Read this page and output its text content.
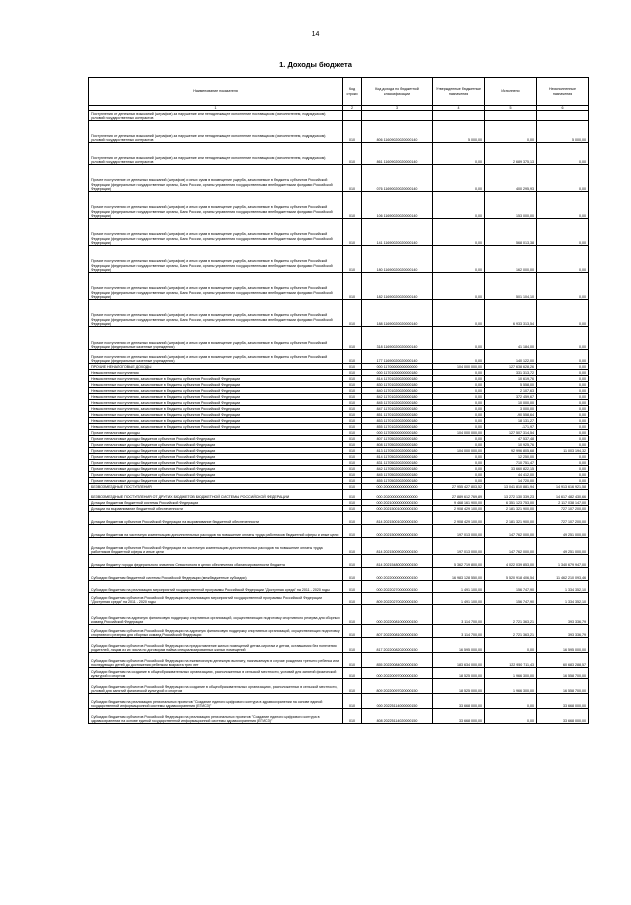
14
1. Доходы бюджета
Наименование показателя	Код строки	Код дохода по бюджетной классификации	Утвержденные бюджетные назначения	Исполнено	Неисполненные назначения
1	2	3	4	5	6
Поступления от денежных взысканий (штрафов) за нарушение или ненадлежащее исполнение поставщиком (исполнителем, подрядчиком) условий государственных контрактов					
Поступления от денежных взысканий (штрафов) за нарушение или ненадлежащее исполнение поставщиком (исполнителем, подрядчиком) условий государственных контрактов	010	806 11609020020000140	5 000,00	0,00	5 000,00
Поступления от денежных взысканий (штрафов) за нарушение или ненадлежащее исполнение поставщиком (исполнителем, подрядчиком) условий государственных контрактов	010	861 11609020020000140	0,00	2 689 375,13	0,00
Прочее поступление от денежных взысканий (штрафов) и иных сумм в возмещение ущерба, зачисляемые в бюджеты субъектов Российской Федерации (федеральные государственные органы, Банк России, органы управления государственными внебюджетными фондами Российской Федерации)	010	076 11690020020000140	0,00	400 295,93	0,00
Прочие поступления от денежных взысканий (штрафов) и иных сумм в возмещение ущерба, зачисляемые в бюджеты субъектов Российской Федерации (федеральные государственные органы, Банк России, органы управления государственными внебюджетными фондами Российской Федерации)	010	106 11690020020000140	0,00	153 000,00	0,00
Прочие поступления от денежных взысканий (штрафов) и иных сумм в возмещение ущерба, зачисляемые в бюджеты субъектов Российской Федерации (федеральные государственные органы, Банк России, органы управления государственными внебюджетными фондами Российской Федерации)	010	141 11690020020000140	0,00	568 013,38	0,00
Прочие поступления от денежных взысканий (штрафов) и иных сумм в возмещение ущерба, зачисляемые в бюджеты субъектов Российской Федерации (федеральные государственные органы, Банк России, органы управления государственными внебюджетными фондами Российской Федерации)	010	180 11690020020000140	0,00	162 000,00	0,00
Прочие поступления от денежных взысканий (штрафов) и иных сумм в возмещение ущерба, зачисляемые в бюджеты субъектов Российской Федерации (федеральные государственные органы, Банк России, органы управления государственными внебюджетными фондами Российской Федерации)	010	182 11690020020000140	0,00	501 104,10	0,00
Прочие поступления от денежных взысканий (штрафов) и иных сумм в возмещение ущерба, зачисляемые в бюджеты субъектов Российской Федерации (федеральные государственные органы, Банк России, органы управления государственными внебюджетными фондами Российской Федерации)	010	188 11690020020000140	0,00	6 933 313,54	0,00
Прочие поступления от денежных взысканий (штрафов) и иных сумм в возмещение ущерба, зачисляемые в бюджеты субъектов Российской Федерации (федеральные казенные учреждения)	010	318 11690020020000140	0,00	41 184,00	0,00
Прочие поступления от денежных взысканий (штрафов) и иных сумм в возмещение ущерба, зачисляемые в бюджеты субъектов Российской Федерации (федеральные казенные учреждения)	010	177 11690020020000140	0,00	140 122,00	0,00
ПРОЧИЕ НЕНАЛОГОВЫЕ ДОХОДЫ	010	000 11700000000000000	104 000 000,00	127 638 628,26	0,00
Невыясненные поступления	010	000 11701000000000180	0,00	331 313,72	0,00
Невыясненные поступления, зачисляемые в бюджеты субъектов Российской Федерации	010	814 11701020020000180	0,00	10 619,76	0,00
Невыясненные поступления, зачисляемые в бюджеты субъектов Российской Федерации	010	830 11701020020000180	0,00	5 558,00	0,00
Невыясненные поступления, зачисляемые в бюджеты субъектов Российской Федерации	010	840 11701020020000180	0,00	2 107,63	0,00
Невыясненные поступления, зачисляемые в бюджеты субъектов Российской Федерации	010	842 11701020020000180	0,00	372 459,67	0,00
Невыясненные поступления, зачисляемые в бюджеты субъектов Российской Федерации	010	845 11701020020000180	0,00	10 000,00	0,00
Невыясненные поступления, зачисляемые в бюджеты субъектов Российской Федерации	010	847 11701020020000180	0,00	3 000,00	0,00
Невыясненные поступления, зачисляемые в бюджеты субъектов Российской Федерации	010	851 11701020020000180	0,00	-90 558,64	0,00
Невыясненные поступления, зачисляемые в бюджеты субъектов Российской Федерации	010	853 11701020020000180	0,00	18 131,27	0,00
Невыясненные поступления, зачисляемые в бюджеты субъектов Российской Федерации	010	855 11701020020000180	0,00	-171,97	0,00
Прочие неналоговые доходы	010	000 11705000000000180	104 000 000,00	127 507 314,54	0,00
Прочие неналоговые доходы бюджетов субъектов Российской Федерации	010	807 11705020020000180	0,00	47 537,48	0,00
Прочие неналоговые доходы бюджетов субъектов Российской Федерации	010	808 11705020020000180	0,00	10 925,76	0,00
Прочие неналоговые доходы бюджетов субъектов Российской Федерации	010	813 11705020020000180	104 000 000,00	92 996 805,68	11 003 194,32
Прочие неналоговые доходы бюджетов субъектов Российской Федерации	010	814 11705020020000180	0,00	12 250,00	0,00
Прочие неналоговые доходы бюджетов субъектов Российской Федерации	010	831 11705020020000180	0,00	710 751,47	0,00
Прочие неналоговые доходы бюджетов субъектов Российской Федерации	010	842 11705020020000180	0,00	33 660 822,15	0,00
Прочие неналоговые доходы бюджетов субъектов Российской Федерации	010	845 11705020020000180	0,00	44 412,00	0,00
Прочие неналоговые доходы бюджетов субъектов Российской Федерации	010	855 11705020020000180	0,00	14 720,00	0,00
БЕЗВОЗМЕЗДНЫЕ ПОСТУПЛЕНИЯ	010	000 20000000000000000	27 955 427 803,52	13 041 810 881,94	14 913 616 921,58
БЕЗВОЗМЕЗДНЫЕ ПОСТУПЛЕНИЯ ОТ ДРУГИХ БЮДЖЕТОВ БЮДЖЕТНОЙ СИСТЕМЫ РОССИЙСКОЙ ФЕДЕРАЦИИ	010	000 20200000000000000	27 889 612 769,89	13 272 130 339,23	14 617 482 430,66
Дотации бюджетам бюджетной системы Российской Федерации	010	000 20210000000000150	9 468 161 900,00	6 351 123 753,00	2 117 038 147,00
Дотации на выравнивание бюджетной обеспеченности	010	000 20215001000000150	2 908 429 100,00	2 181 321 900,00	727 107 200,00
Дотации бюджетам субъектов Российской Федерации на выравнивание бюджетной обеспеченности	010	814 20215001020000150	2 908 429 100,00	2 181 321 900,00	727 107 200,00
Дотации бюджетам на частичную компенсацию дополнительных расходов на повышение оплаты труда работников бюджетной сферы и иные цели	010	000 20215009000000150	197 013 000,00	147 762 000,00	49 251 000,00
Дотации бюджетам субъектов Российской Федерации на частичную компенсацию дополнительных расходов на повышение оплаты труда работников бюджетной сферы и иные цели	010	814 20215009020000150	197 013 000,00	147 762 000,00	49 251 000,00
Дотации бюджету города федерального значения Севастополя в целях обеспечения сбалансированности бюджета	010	814 20215480020000150	5 362 719 800,00	4 022 039 853,00	1 340 679 947,00
Субсидии бюджетам бюджетной системы Российской Федерации (межбюджетные субсидии)	010	000 20220000000000150	16 983 128 550,00	5 520 918 406,54	11 462 210 093,46
Субсидии бюджетам на реализацию мероприятий государственной программы Российской Федерации "Доступная среда" на 2011 - 2020 годы	010	000 20220270000000150	1 491 100,00	156 747,90	1 334 352,10
Субсидии бюджетам субъектов Российской Федерации на реализацию мероприятий государственной программы Российской Федерации "Доступная среда" на 2011 - 2020 годы	010	809 20220270020000150	1 491 100,00	156 747,90	1 334 352,10
Субсидии бюджетам на адресную финансовую поддержку спортивных организаций, осуществляющих подготовку спортивного резерва для сборных команд Российской Федерации	010	000 20220081000000150	3 114 700,00	2 721 363,21	393 336,79
Субсидии бюджетам субъектов Российской Федерации на адресную финансовую поддержку спортивных организаций, осуществляющих подготовку спортивного резерва для сборных команд Российской Федерации	010	807 20220081020000150	3 114 700,00	2 721 363,21	393 336,79
Субсидии бюджетам субъектов Российской Федерации на предоставление жилых помещений детям-сиротам и детям, оставшимся без попечения родителей, лицам из их числа по договорам найма специализированных жилых помещений	010	817 20220082020000150	16 595 000,00	0,00	16 595 000,00
Субсидии бюджетам субъектов Российской Федерации на ежемесячную денежную выплату, назначаемую в случае рождения третьего ребенка или последующих детей до достижения ребенком возраста трех лет	010	855 20220084020000150	183 634 000,00	122 950 711,43	60 683 288,57
Субсидии бюджетам на создание в общеобразовательных организациях, расположенных в сельской местности, условий для занятий физической культурой и спортом	010	000 20220097000000150	18 525 000,00	1 966 300,00	16 558 700,00
Субсидии бюджетам субъектов Российской Федерации на создание в общеобразовательных организациях, расположенных в сельской местности, условий для занятий физической культурой и спортом	010	809 20220097020000150	18 525 000,00	1 966 300,00	16 558 700,00
Субсидии бюджетам на реализацию региональных проектов "Создание единого цифрового контура в здравоохранении на основе единой государственной информационной системы здравоохранения (ЕГИСЗ)"	010	000 20225114000000150	33 668 000,00	0,00	33 668 000,00
Субсидии бюджетам субъектов Российской Федерации на реализацию региональных проектов "Создание единого цифрового контура в здравоохранении на основе единой государственной информационной системы здравоохранения (ЕГИСЗ)"	010	808 20225114020000150	33 668 000,00	0,00	33 668 000,00
